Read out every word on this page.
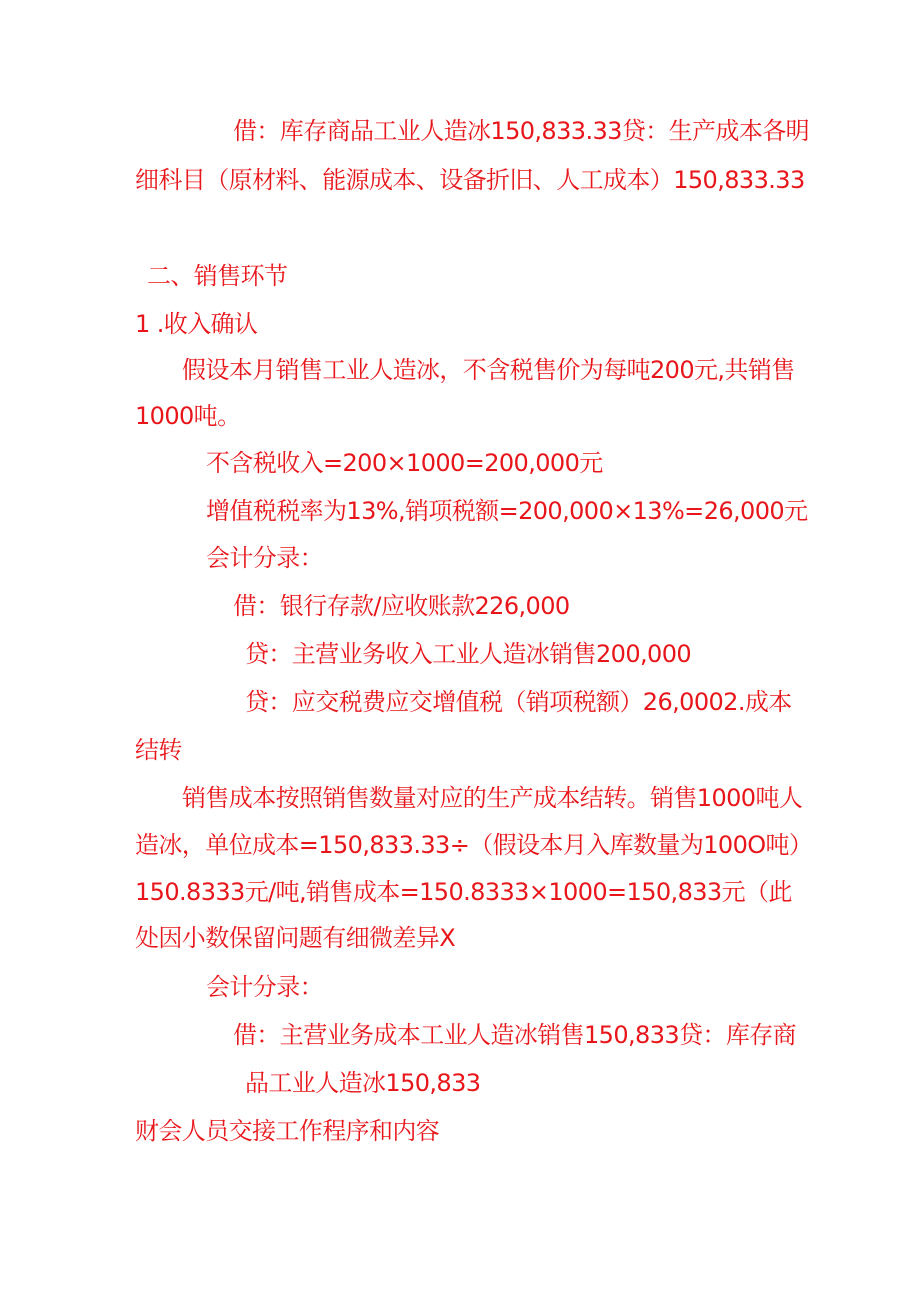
借：库存商品工业人造冰150,833.33贷：生产成本各明
细科目（原材料、能源成本、设备折旧、人工成本）150,833.33
二、销售环节
1 .收入确认
假设本月销售工业人造冰，不含税售价为每吨200元,共销售
1000吨。
不含税收入=200×1000=200,000元
增值税税率为13%,销项税额=200,000×13%=26,000元
会计分录：
借：银行存款/应收账款226,000
贷：主营业务收入工业人造冰销售200,000
贷：应交税费应交增值税（销项税额）26,0002.成本
结转
销售成本按照销售数量对应的生产成本结转。销售1000吨人
造冰，单位成本=150,833.33÷（假设本月入库数量为100O吨）
150.8333元/吨,销售成本=150.8333×1000=150,833元（此
处因小数保留问题有细微差异X
会计分录：
借：主营业务成本工业人造冰销售150,833贷：库存商
品工业人造冰150,833
财会人员交接工作程序和内容
